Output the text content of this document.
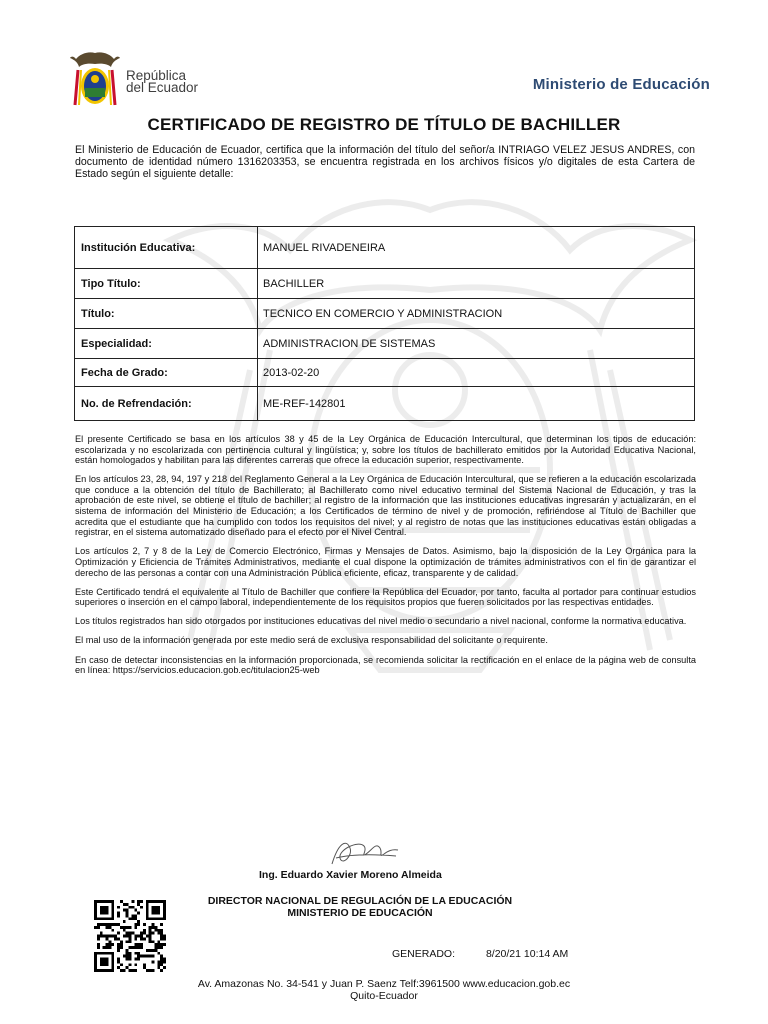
República
del Ecuador	Ministerio de Educación
CERTIFICADO DE REGISTRO DE TÍTULO DE BACHILLER
El Ministerio de Educación de Ecuador, certifica que la información del título del señor/a INTRIAGO VELEZ JESUS ANDRES, con documento de identidad número 1316203353, se encuentra registrada en los archivos físicos y/o digitales de esta Cartera de Estado según el siguiente detalle:
Institución Educativa:	MANUEL RIVADENEIRA
Tipo Título:	BACHILLER
Título:	TECNICO EN COMERCIO Y ADMINISTRACION
Especialidad:	ADMINISTRACION DE SISTEMAS
Fecha de Grado:	2013-02-20
No. de Refrendación:	ME-REF-142801

El presente Certificado se basa en los artículos 38 y 45 de la Ley Orgánica de Educación Intercultural, que determinan los tipos de educación: escolarizada y no escolarizada con pertinencia cultural y lingüística; y, sobre los títulos de bachillerato emitidos por la Autoridad Educativa Nacional, están homologados y habilitan para las diferentes carreras que ofrece la educación superior, respectivamente.

En los artículos 23, 28, 94, 197 y 218 del Reglamento General a la Ley Orgánica de Educación Intercultural, que se refieren a la educación escolarizada que conduce a la obtención del título de Bachillerato; al Bachillerato como nivel educativo terminal del Sistema Nacional de Educación, y tras la aprobación de este nivel, se obtiene el título de bachiller; al registro de la información que las instituciones educativas ingresarán y actualizarán, en el sistema de información del Ministerio de Educación; a los Certificados de término de nivel y de promoción, refiriéndose al Título de Bachiller que acredita que el estudiante que ha cumplido con todos los requisitos del nivel; y al registro de notas que las instituciones educativas están obligadas a registrar, en el sistema automatizado diseñado para el efecto por el Nivel Central.

Los artículos 2, 7 y 8 de la Ley de Comercio Electrónico, Firmas y Mensajes de Datos. Asimismo, bajo la disposición de la Ley Orgánica para la Optimización y Eficiencia de Trámites Administrativos, mediante el cual dispone la optimización de trámites administrativos con el fin de garantizar el derecho de las personas a contar con una Administración Pública eficiente, eficaz, transparente y de calidad.

Este Certificado tendrá el equivalente al Título de Bachiller que confiere la República del Ecuador, por tanto, faculta al portador para continuar estudios superiores o inserción en el campo laboral, independientemente de los requisitos propios que fueren solicitados por las respectivas entidades.

Los títulos registrados han sido otorgados por instituciones educativas del nivel medio o secundario a nivel nacional, conforme la normativa educativa.

El mal uso de la información generada por este medio será de exclusiva responsabilidad del solicitante o requirente.

En caso de detectar inconsistencias en la información proporcionada, se recomienda solicitar la rectificación en el enlace de la página web de consulta en línea: https://servicios.educacion.gob.ec/titulacion25-web

Ing. Eduardo Xavier Moreno Almeida
DIRECTOR NACIONAL DE REGULACIÓN DE LA EDUCACIÓN
MINISTERIO DE EDUCACIÓN
GENERADO:	8/20/21 10:14 AM
Av. Amazonas No. 34-541 y Juan P. Saenz Telf:3961500 www.educacion.gob.ec
Quito-Ecuador
